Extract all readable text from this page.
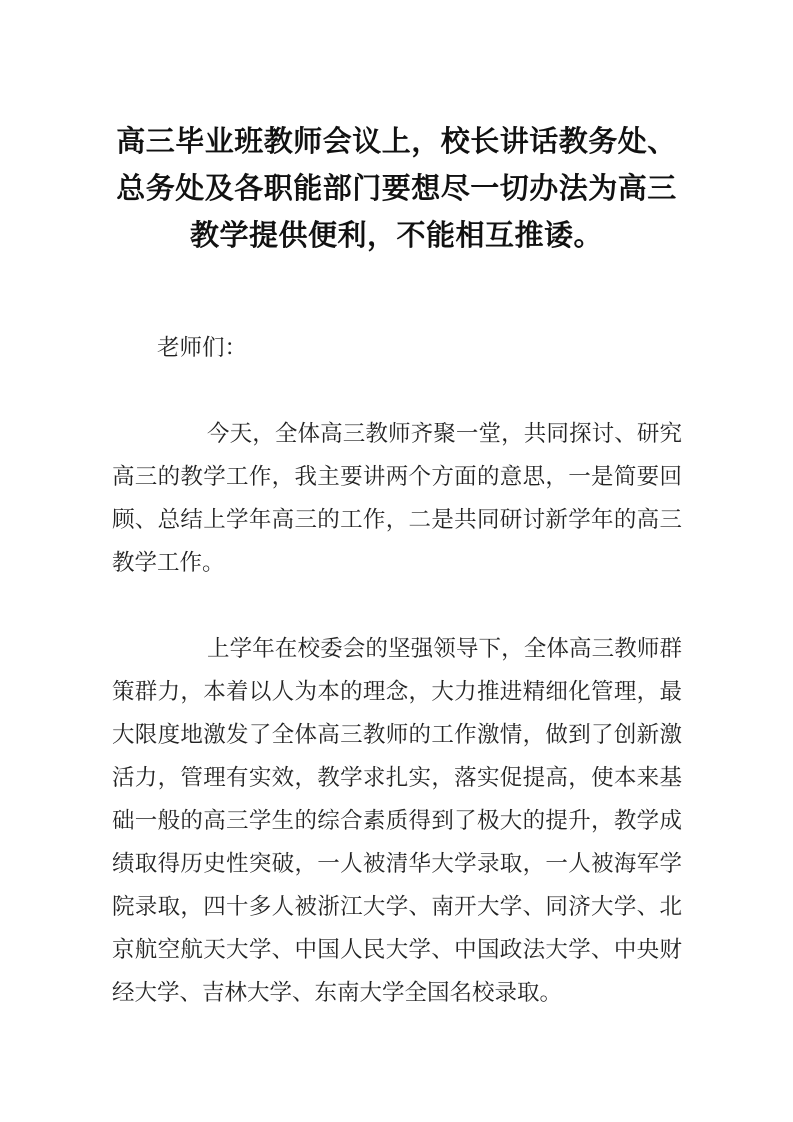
高三毕业班教师会议上，校长讲话教务处、
总务处及各职能部门要想尽一切办法为高三
教学提供便利，不能相互推诿。

老师们：

今天，全体高三教师齐聚一堂，共同探讨、研究高三的教学工作，我主要讲两个方面的意思，一是简要回顾、总结上学年高三的工作，二是共同研讨新学年的高三教学工作。

上学年在校委会的坚强领导下，全体高三教师群策群力，本着以人为本的理念，大力推进精细化管理，最大限度地激发了全体高三教师的工作激情，做到了创新激活力，管理有实效，教学求扎实，落实促提高，使本来基础一般的高三学生的综合素质得到了极大的提升，教学成绩取得历史性突破，一人被清华大学录取，一人被海军学院录取，四十多人被浙江大学、南开大学、同济大学、北京航空航天大学、中国人民大学、中国政法大学、中央财经大学、吉林大学、东南大学全国名校录取。
